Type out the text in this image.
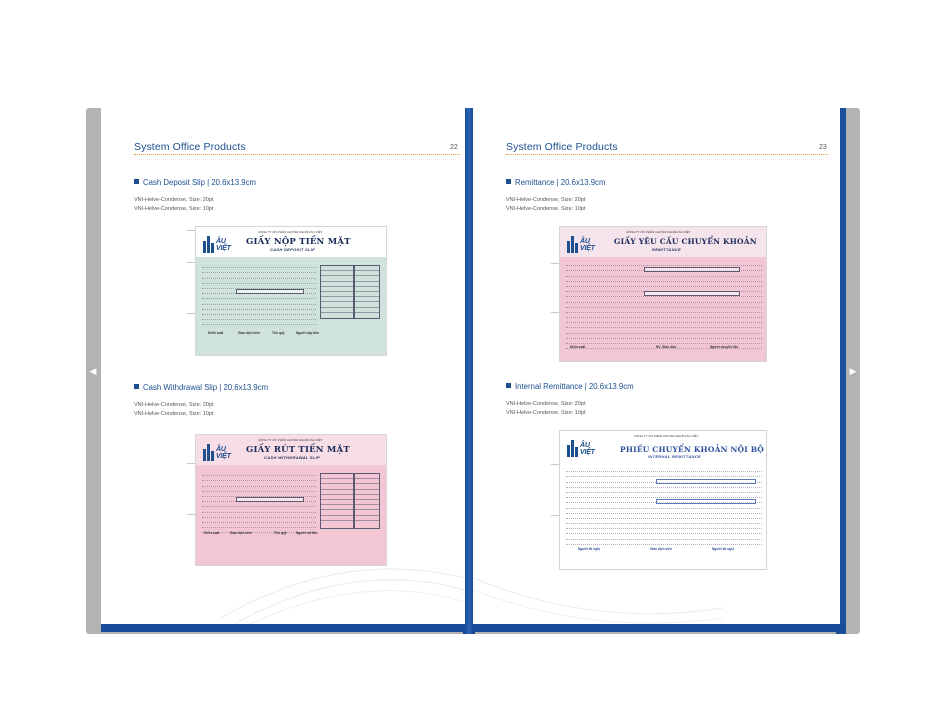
◀	▶
System Office Products	22
Cash Deposit Slip | 20.6x13.9cm
VNI-Helve-Condense, Size: 20pt
VNI-Helve-Condense, Size: 10pt
ÂU VIỆT
CÔNG TY CỔ PHẦN CHỨNG KHOÁN ÂU VIỆT
GIẤY NỘP TIỀN MẶT
CASH DEPOSIT SLIP
Kiểm soát	Giao dịch viên	Thủ quỹ	Người nộp tiền
Cash Withdrawal Slip | 20.6x13.9cm
VNI-Helve-Condense, Size: 20pt
VNI-Helve-Condense, Size: 10pt
ÂU VIỆT
CÔNG TY CỔ PHẦN CHỨNG KHOÁN ÂU VIỆT
GIẤY RÚT TIỀN MẶT
CASH WITHDRAWAL SLIP
Kiểm soát	Giao dịch viên	Thủ quỹ	Người rút tiền
System Office Products	23
Remittance | 20.6x13.9cm
VNI-Helve-Condense, Size: 20pt
VNI-Helve-Condense, Size: 10pt
ÂU VIỆT
CÔNG TY CỔ PHẦN CHỨNG KHOÁN ÂU VIỆT
GIẤY YÊU CẦU CHUYỂN KHOẢN
REMITTANCE
Kiểm soát	NV. Giao dịch	Người chuyển tiền
Internal Remittance | 20.6x13.9cm
VNI-Helve-Condense, Size: 20pt
VNI-Helve-Condense, Size: 10pt
ÂU VIỆT
CÔNG TY CỔ PHẦN CHỨNG KHOÁN ÂU VIỆT
PHIẾU CHUYỂN KHOẢN NỘI BỘ
INTERNAL REMITTANCE
Người đề nghị	Giao dịch viên	Người đề nghị
